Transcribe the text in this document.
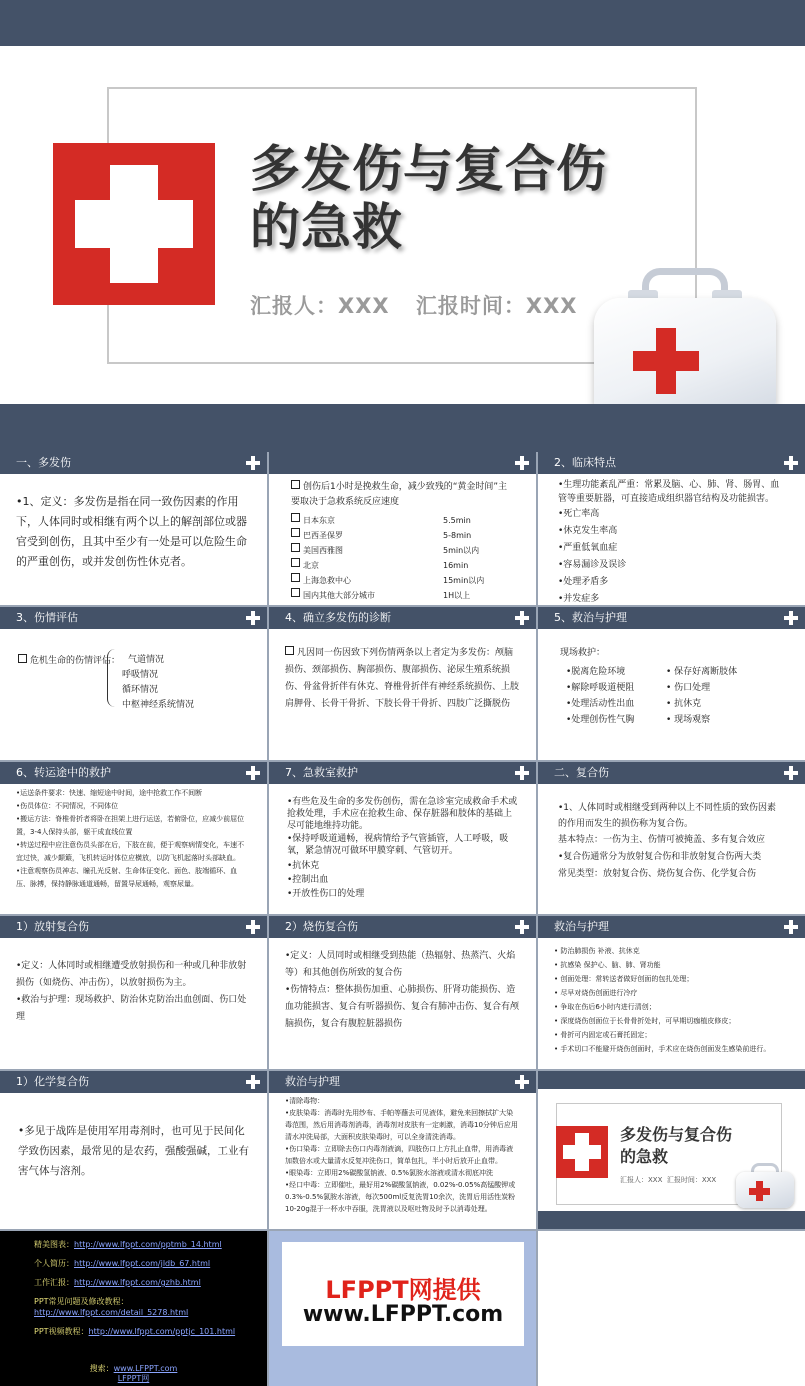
多发伤与复合伤
的急救
汇报人：XXX 汇报时间：XXX
一、多发伤
•1、定义：多发伤是指在同一致伤因素的作用下，人体同时或相继有两个以上的解剖部位或器官受到创伤，且其中至少有一处是可以危险生命的严重创伤，或并发创伤性休克者。
创伤后1小时是挽救生命，减少致残的“黄金时间”主要取决于急救系统反应速度
日本东京	5.5min
巴西圣保罗	5-8min
美国西雅图	5min以内
北京	16min
上海急救中心	15min以内
国内其他大部分城市	1H以上
2、临床特点
•生理功能紊乱严重：常累及脑、心、肺、肾、肠胃、血管等重要脏器，可直接造成组织器官结构及功能损害。
•死亡率高
•休克发生率高
•严重低氧血症
•容易漏诊及误诊
•处理矛盾多
•并发症多
3、伤情评估
危机生命的伤情评估： 气道情况
呼吸情况
循环情况
中枢神经系统情况
4、确立多发伤的诊断
凡因同一伤因致下列伤情两条以上者定为多发伤：颅脑损伤、颈部损伤、胸部损伤、腹部损伤、泌尿生殖系统损伤、骨盆骨折伴有休克、脊椎骨折伴有神经系统损伤、上肢肩胛骨、长骨干骨折、下肢长骨干骨折、四肢广泛撕脱伤
5、救治与护理
现场救护：
•脱离危险环境	• 保存好离断肢体
•解除呼吸道梗阻	• 伤口处理
•处理活动性出血	• 抗休克
•处理创伤性气胸	• 现场观察
6、转运途中的救护
•运送条件要求：快速、缩短途中时间，途中抢救工作不间断
•伤员体位：不同情况，不同体位
•搬运方法：脊椎骨折者将卧在担架上进行运送，若俯卧位，应减少前屈位置，3-4人保持头部，躯干成直线位置
•转送过程中应注意伤员头部在后，下肢在前，便于观察病情变化，车速不宜过快，减少颠簸，飞机转运时体位应横放，以防飞机起落时头部缺血。
•注意观察伤员神志、瞳孔光反射、生命体征变化、面色、肢端循环、血压、脉搏，保持静脉通道通畅，留置导尿通畅，观察尿量。
7、急救室救护
•有些危及生命的多发伤创伤，需在急诊室完成救命手术或抢救处理，手术应在抢救生命、保存脏器和肢体的基础上尽可能地维持功能。
•保持呼吸道通畅，视病情给予气管插管，人工呼吸，吸氧，紧急情况可做环甲膜穿刺、气管切开。
•抗休克
•控制出血
•开放性伤口的处理
二、复合伤
•1、人体同时或相继受到两种以上不同性质的致伤因素的作用而发生的损伤称为复合伤。
基本特点：一伤为主、伤情可被掩盖、多有复合效应
•复合伤通常分为放射复合伤和非放射复合伤两大类
常见类型：放射复合伤、烧伤复合伤、化学复合伤
1）放射复合伤
•定义：人体同时或相继遭受放射损伤和一种或几种非放射损伤（如烧伤、冲击伤），以放射损伤为主。
•救治与护理：现场救护、防治休克防治出血创面、伤口处理
2）烧伤复合伤
•定义：人员同时或相继受到热能（热辐射、热蒸汽、火焰等）和其他创伤所致的复合伤
•伤情特点：整体损伤加重、心肺损伤、肝肾功能损伤、造血功能损害、复合有听器损伤、复合有肺冲击伤、复合有颅脑损伤，复合有腹腔脏器损伤
救治与护理
• 防治肺损伤 补液、抗休克
• 抗感染 保护心、脑、肺、肾功能
• 创面处理：常转送者做好创面的包扎处理；
• 尽早对烧伤创面进行冷疗
• 争取在伤后6小时内进行清创；
• 深度烧伤创面位于长骨骨折处时，可早期切痂植皮修皮；
• 骨折可内固定或石膏托固定；
• 手术切口不能避开烧伤创面时，手术应在烧伤创面发生感染前进行。
1）化学复合伤
•多见于战阵是使用军用毒剂时，也可见于民间化学致伤因素，最常见的是农药，强酸强碱，工业有害气体与溶剂。
救治与护理
•清除毒物：
•皮肤染毒：消毒时先用纱布、手帕等蘸去可见液体，避免来回擦拭扩大染毒范围，然后用消毒剂消毒，消毒剂对皮肤有一定刺激，消毒10分钟后应用清水冲洗局部，大面积皮肤染毒时，可以全身清洗消毒。
•伤口染毒：立即除去伤口内毒剂液滴，四肢伤口上方扎止血带，用消毒液加数倍水或大量清水反复冲洗伤口，简单包扎，半小时后放开止血带。
•眼染毒：立即用2%碳酸氢钠液、0.5%氯胺水溶液或清水彻底冲洗
•经口中毒：立即催吐，最好用2%碳酸氢钠液，0.02%-0.05%高锰酸钾或0.3%-0.5%氯胺水溶液，每次500ml反复洗胃10余次，洗胃后用活性炭粉10-20g混于一杯水中吞服，洗胃液以及呕吐物及时予以消毒处理。
多发伤与复合伤
的急救
汇报人：XXX 汇报时间：XXX
精美图表：http://www.lfppt.com/pptmb_14.html
个人简历：http://www.lfppt.com/jldb_67.html
工作汇报：http://www.lfppt.com/gzhb.html
PPT常见问题及修改教程：
http://www.lfppt.com/detail_5278.html
PPT视频教程：http://www.lfppt.com/pptjc_101.html
搜索：www.LFPPT.com
LFPPT网
LFPPT网提供
www.LFPPT.com
